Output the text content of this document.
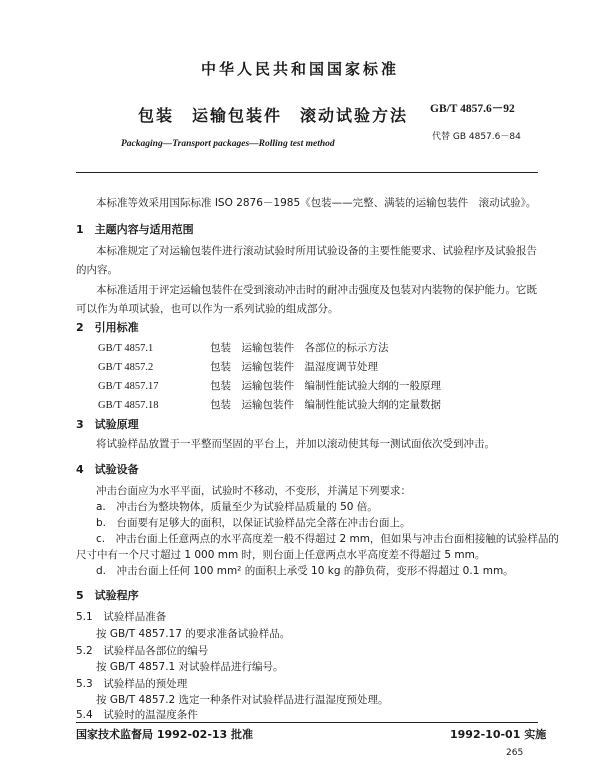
中华人民共和国国家标准
包装　运输包装件　滚动试验方法 GB/T 4857.6－92
代替 GB 4857.6－84
Packaging—Transport packages—Rolling test method
本标准等效采用国际标准 ISO 2876－1985《包装——完整、满装的运输包装件　滚动试验》。
1　主题内容与适用范围
本标准规定了对运输包装件进行滚动试验时所用试验设备的主要性能要求、试验程序及试验报告
的内容。
本标准适用于评定运输包装件在受到滚动冲击时的耐冲击强度及包装对内装物的保护能力。它既
可以作为单项试验，也可以作为一系列试验的组成部分。
2　引用标准
GB/T 4857.1	包装　运输包装件　各部位的标示方法
GB/T 4857.2	包装　运输包装件　温湿度调节处理
GB/T 4857.17	包装　运输包装件　编制性能试验大纲的一般原理
GB/T 4857.18	包装　运输包装件　编制性能试验大纲的定量数据
3　试验原理
将试验样品放置于一平整而坚固的平台上，并加以滚动使其每一测试面依次受到冲击。
4　试验设备
冲击台面应为水平平面，试验时不移动，不变形，并满足下列要求：
a.　冲击台为整块物体，质量至少为试验样品质量的 50 倍。
b.　台面要有足够大的面积，以保证试验样品完全落在冲击台面上。
c.　冲击台面上任意两点的水平高度差一般不得超过 2 mm，但如果与冲击台面相接触的试验样品的
尺寸中有一个尺寸超过 1 000 mm 时，则台面上任意两点水平高度差不得超过 5 mm。
d.　冲击台面上任何 100 mm² 的面积上承受 10 kg 的静负荷，变形不得超过 0.1 mm。
5　试验程序
5.1　试验样品准备
按 GB/T 4857.17 的要求准备试验样品。
5.2　试验样品各部位的编号
按 GB/T 4857.1 对试验样品进行编号。
5.3　试验样品的预处理
按 GB/T 4857.2 选定一种条件对试验样品进行温湿度预处理。
5.4　试验时的温湿度条件
国家技术监督局 1992-02-13 批准	1992-10-01 实施
265
